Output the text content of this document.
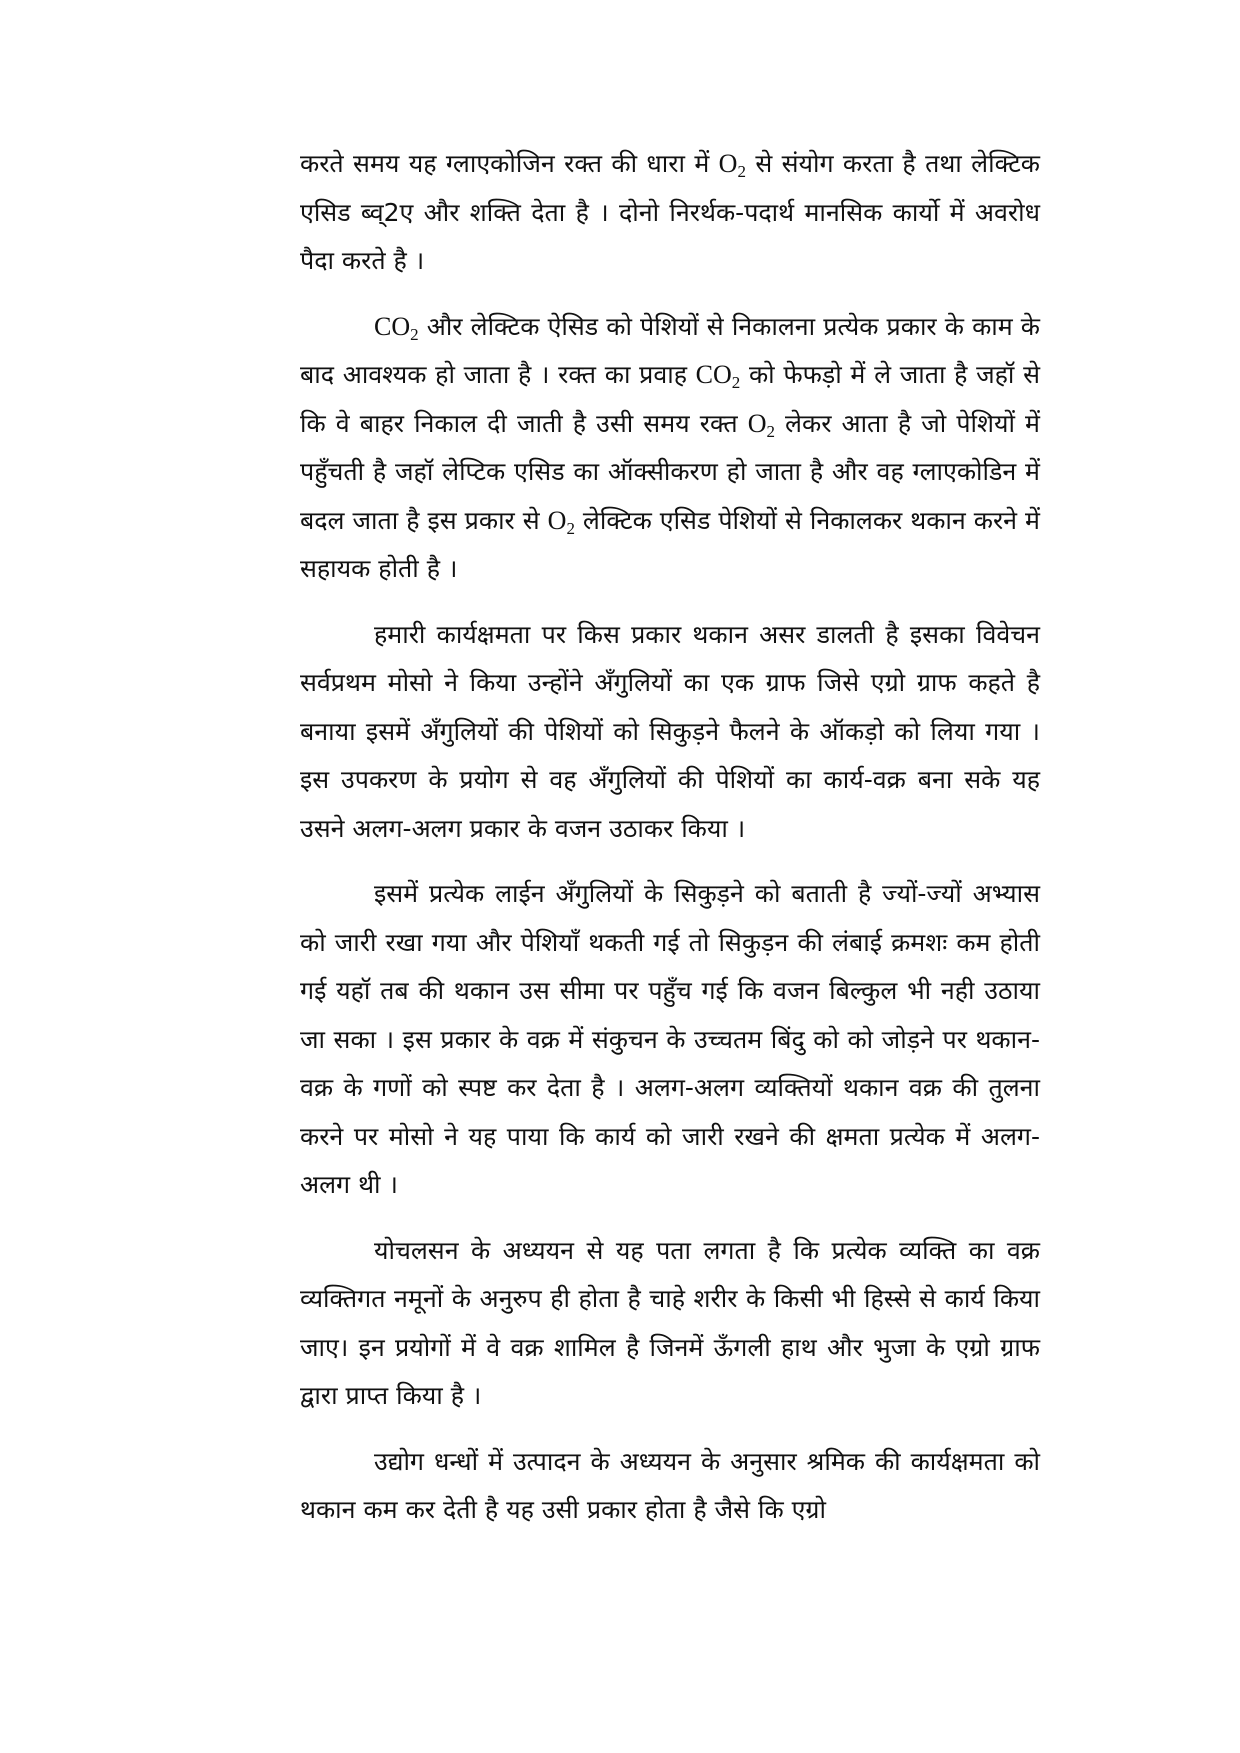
करते समय यह ग्लाएकोजिन रक्त की धारा में $O_2$ से संयोग करता है तथा लेक्टिक एसिड ब्व्2ए और शक्ति देता है । दोनो निरर्थक-पदार्थ मानसिक कार्यो में अवरोध पैदा करते है ।

$CO_2$ और लेक्टिक ऐसिड को पेशियों से निकालना प्रत्येक प्रकार के काम के बाद आवश्यक हो जाता है । रक्त का प्रवाह $CO_2$ को फेफड़ो में ले जाता है जहॉ से कि वे बाहर निकाल दी जाती है उसी समय रक्त $O_2$ लेकर आता है जो पेशियों में पहुँचती है जहॉ लेप्टिक एसिड का ऑक्सीकरण हो जाता है और वह ग्लाएकोडिन में बदल जाता है इस प्रकार से $O_2$ लेक्टिक एसिड पेशियों से निकालकर थकान करने में सहायक होती है ।

हमारी कार्यक्षमता पर किस प्रकार थकान असर डालती है इसका विवेचन सर्वप्रथम मोसो ने किया उन्होंने अँगुलियों का एक ग्राफ जिसे एग्रो ग्राफ कहते है बनाया इसमें अँगुलियों की पेशियों को सिकुड़ने फैलने के ऑकड़ो को लिया गया । इस उपकरण के प्रयोग से वह अँगुलियों की पेशियों का कार्य-वक्र बना सके यह उसने अलग-अलग प्रकार के वजन उठाकर किया ।

इसमें प्रत्येक लाईन अँगुलियों के सिकुड़ने को बताती है ज्यों-ज्यों अभ्यास को जारी रखा गया और पेशियॉं थकती गई तो सिकुड़न की लंबाई क्रमशः कम होती गई यहॉ तब की थकान उस सीमा पर पहुँच गई कि वजन बिल्कुल भी नही उठाया जा सका । इस प्रकार के वक्र में संकुचन के उच्चतम बिंदु को को जोड़ने पर थकान-वक्र के गणों को स्पष्ट कर देता है । अलग-अलग व्यक्तियों थकान वक्र की तुलना करने पर मोसो ने यह पाया कि कार्य को जारी रखने की क्षमता प्रत्येक में अलग-अलग थी ।

योचलसन के अध्ययन से यह पता लगता है कि प्रत्येक व्यक्ति का वक्र व्यक्तिगत नमूनों के अनुरुप ही होता है चाहे शरीर के किसी भी हिस्से से कार्य किया जाए। इन प्रयोगों में वे वक्र शामिल है जिनमें ऊँगली हाथ और भुजा के एग्रो ग्राफ द्वारा प्राप्त किया है ।

उद्योग धन्धों में उत्पादन के अध्ययन के अनुसार श्रमिक की कार्यक्षमता को थकान कम कर देती है यह उसी प्रकार होता है जैसे कि एग्रो
